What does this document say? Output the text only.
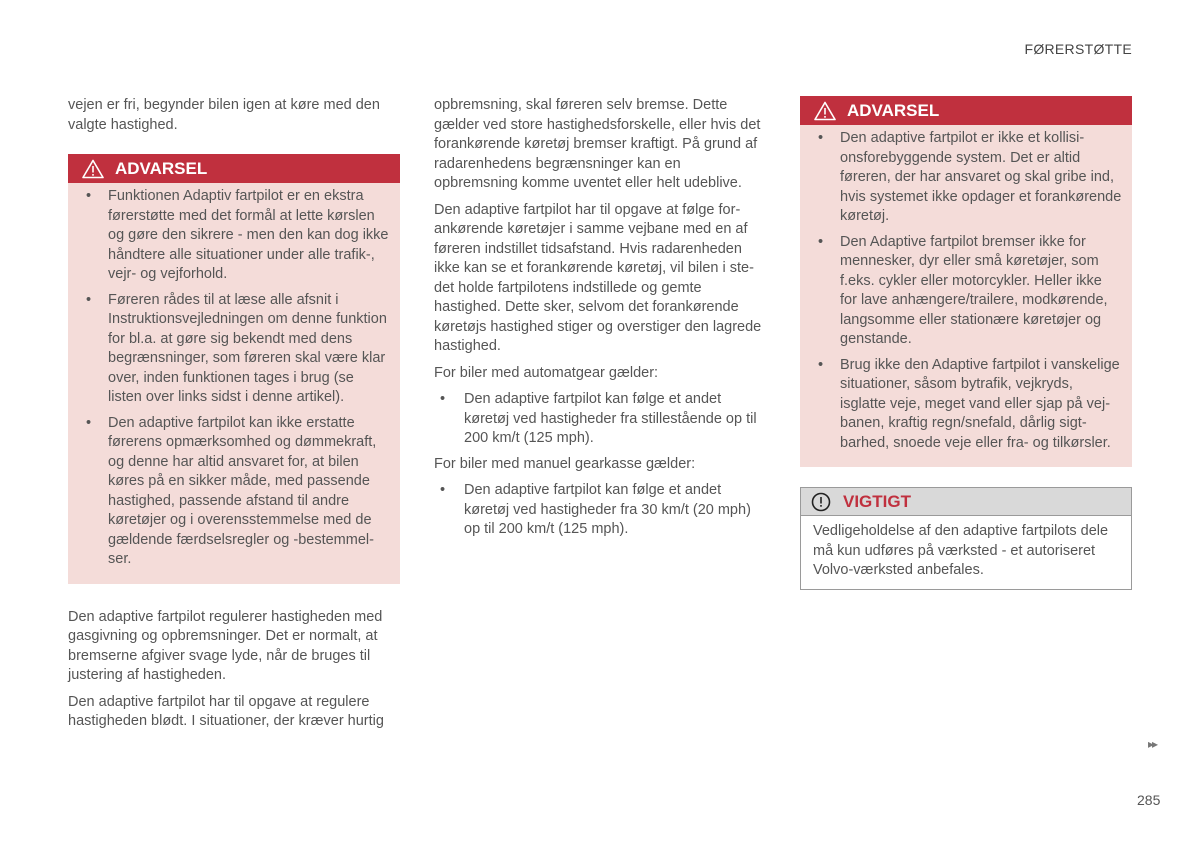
FØRERSTØTTE

vejen er fri, begynder bilen igen at køre med den valgte hastighed.

ADVARSEL
• Funktionen Adaptiv fartpilot er en ekstra førerstøtte med det formål at lette kørslen og gøre den sikrere - men den kan dog ikke håndtere alle situationer under alle trafik-, vejr- og vejforhold.
• Føreren rådes til at læse alle afsnit i Instruktionsvejledningen om denne funktion for bl.a. at gøre sig bekendt med dens begrænsninger, som føreren skal være klar over, inden funktionen tages i brug (se listen over links sidst i denne artikel).
• Den adaptive fartpilot kan ikke erstatte førerens opmærksomhed og dømmekraft, og denne har altid ansvaret for, at bilen køres på en sikker måde, med passende hastighed, passende afstand til andre køretøjer og i overensstemmelse med de gældende færdselsregler og -bestemmelser.

Den adaptive fartpilot regulerer hastigheden med gasgivning og opbremsninger. Det er normalt, at bremserne afgiver svage lyde, når de bruges til justering af hastigheden.

Den adaptive fartpilot har til opgave at regulere hastigheden blødt. I situationer, der kræver hurtig

opbremsning, skal føreren selv bremse. Dette gælder ved store hastighedsforskelle, eller hvis det forankørende køretøj bremser kraftigt. På grund af radarenhedens begrænsninger kan en opbremsning komme uventet eller helt udeblive.

Den adaptive fartpilot har til opgave at følge forankørende køretøjer i samme vejbane med en af føreren indstillet tidsafstand. Hvis radarenheden ikke kan se et forankørende køretøj, vil bilen i stedet holde fartpilotens indstillede og gemte hastighed. Dette sker, selvom det forankørende køretøjs hastighed stiger og overstiger den lagrede hastighed.

For biler med automatgear gælder:

• Den adaptive fartpilot kan følge et andet køretøj ved hastigheder fra stillestående op til 200 km/t (125 mph).

For biler med manuel gearkasse gælder:

• Den adaptive fartpilot kan følge et andet køretøj ved hastigheder fra 30 km/t (20 mph) op til 200 km/t (125 mph).
ADVARSEL
• Den adaptive fartpilot er ikke et kollisionsforebyggende system. Det er altid føreren, der har ansvaret og skal gribe ind, hvis systemet ikke opdager et forankørende køretøj.
• Den Adaptive fartpilot bremser ikke for mennesker, dyr eller små køretøjer, som f.eks. cykler eller motorcykler. Heller ikke for lave anhængere/trailere, modkørende, langsomme eller stationære køretøjer og genstande.
• Brug ikke den Adaptive fartpilot i vanskelige situationer, såsom bytrafik, vejkryds, isglatte veje, meget vand eller sjap på vejbanen, kraftig regn/snefald, dårlig sigtbarhed, snoede veje eller fra- og tilkørsler.
VIGTIGT
Vedligeholdelse af den adaptive fartpilots dele må kun udføres på værksted - et autoriseret Volvo-værksted anbefales.
▸▸
285
